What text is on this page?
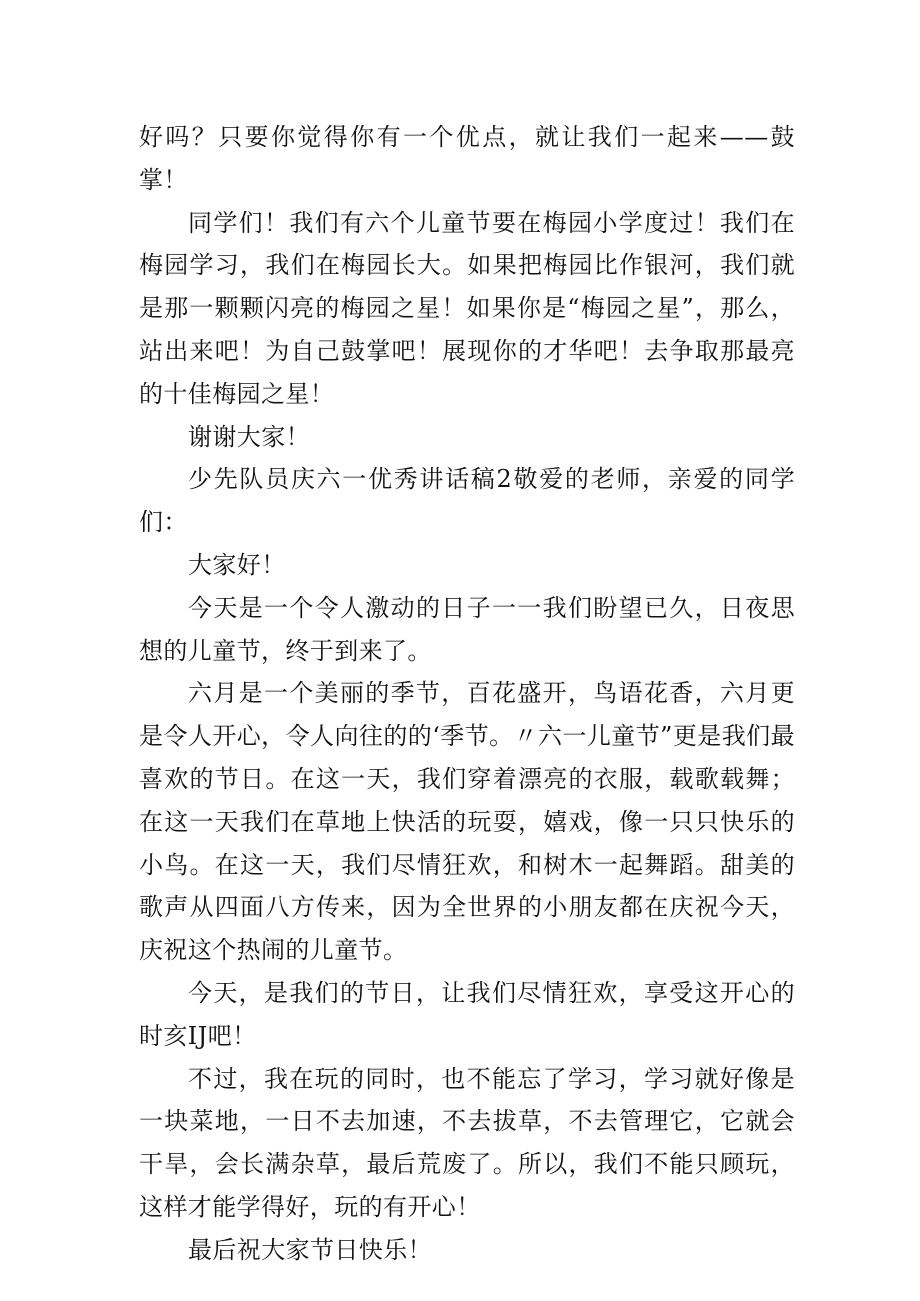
好吗？只要你觉得你有一个优点，就让我们一起来——鼓掌！

同学们！我们有六个儿童节要在梅园小学度过！我们在梅园学习，我们在梅园长大。如果把梅园比作银河，我们就是那一颗颗闪亮的梅园之星！如果你是“梅园之星”，那么，站出来吧！为自己鼓掌吧！展现你的才华吧！去争取那最亮的十佳梅园之星！

谢谢大家！

少先队员庆六一优秀讲话稿2敬爱的老师，亲爱的同学们：

大家好！

今天是一个令人激动的日子一一我们盼望已久，日夜思想的儿童节，终于到来了。

六月是一个美丽的季节，百花盛开，鸟语花香，六月更是令人开心，令人向往的的‘季节。〃六一儿童节”更是我们最喜欢的节日。在这一天，我们穿着漂亮的衣服，载歌载舞；在这一天我们在草地上快活的玩耍，嬉戏，像一只只快乐的小鸟。在这一天，我们尽情狂欢，和树木一起舞蹈。甜美的歌声从四面八方传来，因为全世界的小朋友都在庆祝今天，庆祝这个热闹的儿童节。

今天，是我们的节日，让我们尽情狂欢，享受这开心的时亥IJ吧！

不过，我在玩的同时，也不能忘了学习，学习就好像是一块菜地，一日不去加速，不去拔草，不去管理它，它就会干旱，会长满杂草，最后荒废了。所以，我们不能只顾玩，这样才能学得好，玩的有开心！

最后祝大家节日快乐！
